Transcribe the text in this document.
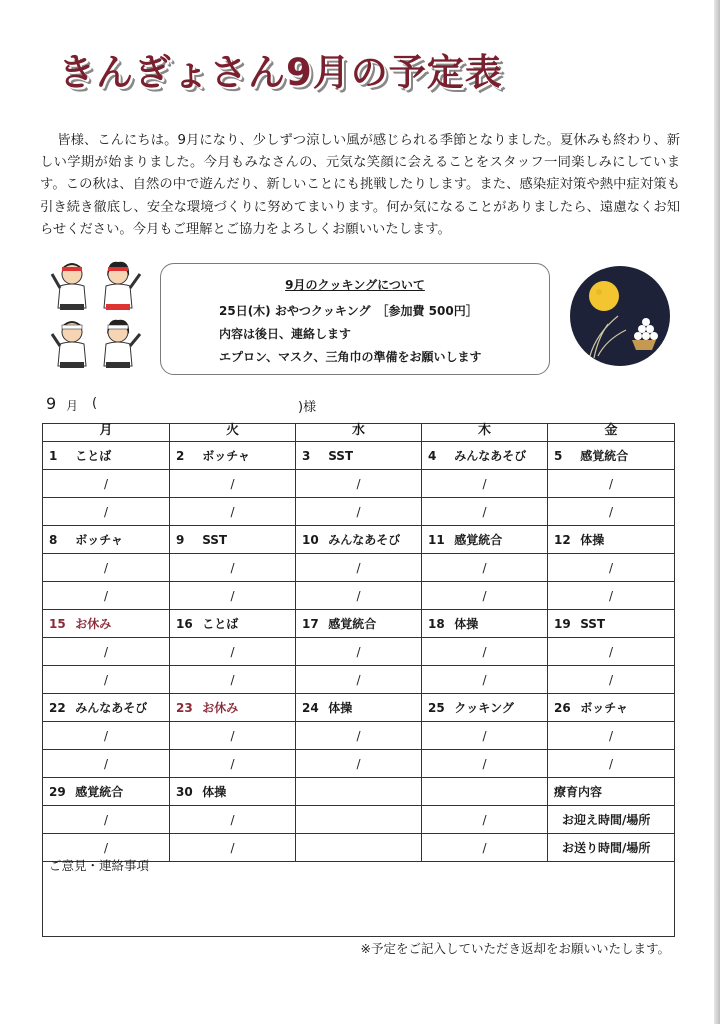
きんぎょさん9月の予定表
皆様、こんにちは。9月になり、少しずつ涼しい風が感じられる季節となりました。夏休みも終わり、新しい学期が始まりました。今月もみなさんの、元気な笑顔に会えることをスタッフ一同楽しみにしています。この秋は、自然の中で遊んだり、新しいことにも挑戦したりします。また、感染症対策や熱中症対策も引き続き徹底し、安全な環境づくりに努めてまいります。何か気になることがありましたら、遠慮なくお知らせください。今月もご理解とご協力をよろしくお願いいたします。
9月のクッキングについて
25日(木) おやつクッキング　［参加費 500円］
内容は後日、連絡します
エプロン、マスク、三角巾の準備をお願いします
9 月 (	)様
月	火	水	木	金
1 ことば	2 ボッチャ	3 SST	4 みんなあそび	5 感覚統合
/	/	/	/	/
/	/	/	/	/
8 ボッチャ	9 SST	10 みんなあそび	11 感覚統合	12 体操
/	/	/	/	/
/	/	/	/	/
15 お休み	16 ことば	17 感覚統合	18 体操	19 SST
/	/	/	/	/
/	/	/	/	/
22 みんなあそび	23 お休み	24 体操	25 クッキング	26 ボッチャ
/	/	/	/	/
/	/	/	/	/
29 感覚統合	30 体操			療育内容
/	/		/	お迎え時間/場所
/	/		/	お送り時間/場所
ご意見・連絡事項
※予定をご記入していただき返却をお願いいたします。
